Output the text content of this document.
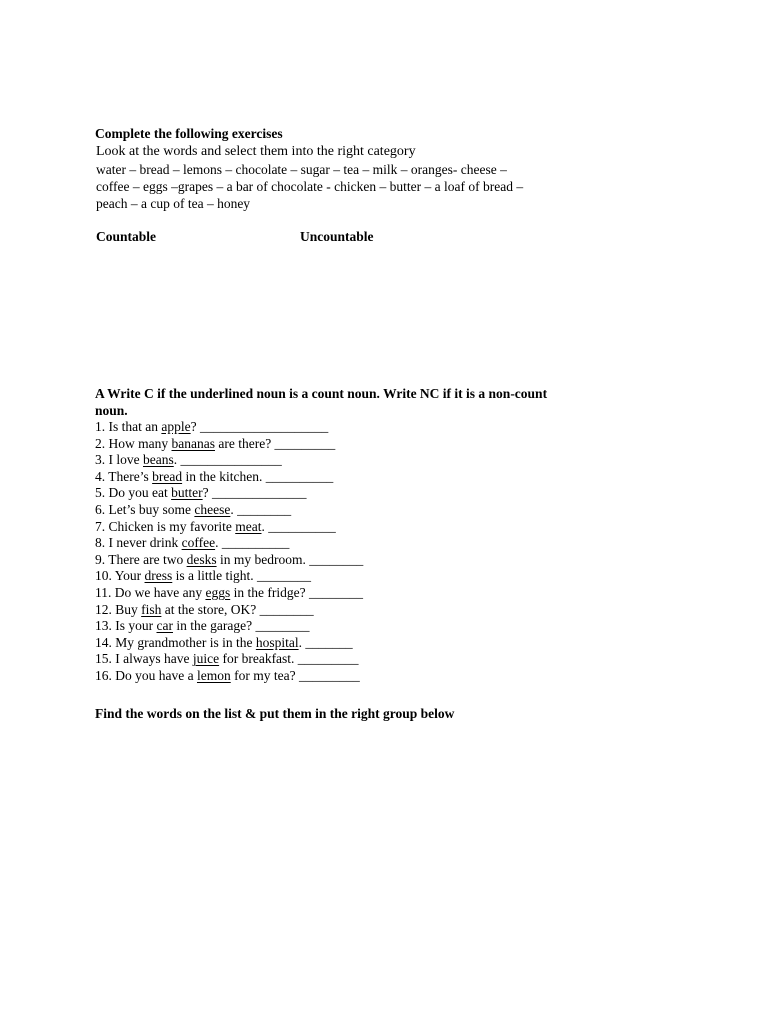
Complete the following exercises
Look at the words and select them into the right category
water – bread – lemons – chocolate – sugar – tea – milk – oranges- cheese –
coffee – eggs –grapes – a bar of chocolate - chicken – butter – a loaf of bread –
peach – a cup of tea – honey
Countable	Uncountable
A Write C if the underlined noun is a count noun. Write NC if it is a non-count noun.
1. Is that an apple? ___________________
2. How many bananas are there? _________
3. I love beans. _______________
4. There’s bread in the kitchen. __________
5. Do you eat butter? ______________
6. Let’s buy some cheese. ________
7. Chicken is my favorite meat. __________
8. I never drink coffee. __________
9. There are two desks in my bedroom. ________
10. Your dress is a little tight. ________
11. Do we have any eggs in the fridge? ________
12. Buy fish at the store, OK? ________
13. Is your car in the garage? ________
14. My grandmother is in the hospital. _______
15. I always have juice for breakfast. _________
16. Do you have a lemon for my tea? _________
Find the words on the list & put them in the right group below
